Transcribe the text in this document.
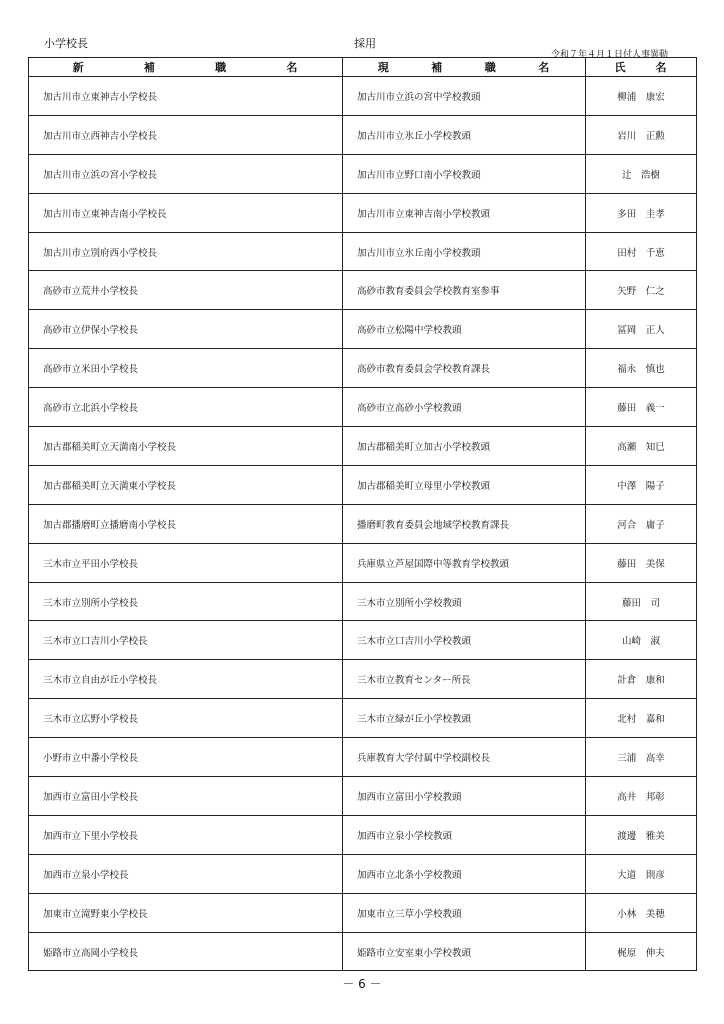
小学校長	採用
令和７年４月１日付人事異動
新 補 職 名	現 補 職 名	氏 名

加古川市立東神吉小学校長	加古川市立浜の宮中学校教頭	柳浦　康宏
加古川市立西神吉小学校長	加古川市立氷丘小学校教頭	岩川　正勲
加古川市立浜の宮小学校長	加古川市立野口南小学校教頭	辻　浩樹
加古川市立東神吉南小学校長	加古川市立東神吉南小学校教頭	多田　圭孝
加古川市立別府西小学校長	加古川市立氷丘南小学校教頭	田村　千恵
高砂市立荒井小学校長	高砂市教育委員会学校教育室参事	矢野　仁之
高砂市立伊保小学校長	高砂市立松陽中学校教頭	冨岡　正人
高砂市立米田小学校長	高砂市教育委員会学校教育課長	福永　慎也
高砂市立北浜小学校長	高砂市立高砂小学校教頭	藤田　義一
加古郡稲美町立天満南小学校長	加古郡稲美町立加古小学校教頭	高瀬　知巳
加古郡稲美町立天満東小学校長	加古郡稲美町立母里小学校教頭	中澤　陽子
加古郡播磨町立播磨南小学校長	播磨町教育委員会地域学校教育課長	河合　庸子
三木市立平田小学校長	兵庫県立芦屋国際中等教育学校教頭	藤田　美保
三木市立別所小学校長	三木市立別所小学校教頭	藤田　司
三木市立口吉川小学校長	三木市立口吉川小学校教頭	山崎　淑
三木市立自由が丘小学校長	三木市立教育センター所長	計倉　康和
三木市立広野小学校長	三木市立緑が丘小学校教頭	北村　嘉和
小野市立中番小学校長	兵庫教育大学付属中学校副校長	三浦　高幸
加西市立富田小学校長	加西市立富田小学校教頭	高井　邦彰
加西市立下里小学校長	加西市立泉小学校教頭	渡邊　雅美
加西市立泉小学校長	加西市立北条小学校教頭	大道　則彦
加東市立滝野東小学校長	加東市立三草小学校教頭	小林　美穂
姫路市立高岡小学校長	姫路市立安室東小学校教頭	梶原　伸夫
－ 6 －
